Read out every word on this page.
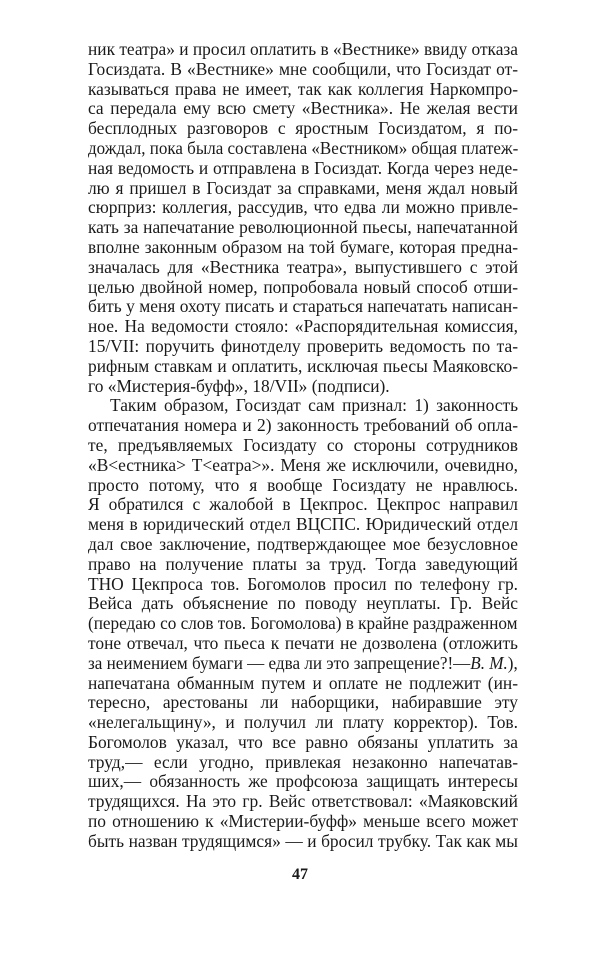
ник театра» и просил оплатить в «Вестнике» ввиду отказа
Госиздата. В «Вестнике» мне сообщили, что Госиздат от-
казываться права не имеет, так как коллегия Наркомпро-
са передала ему всю смету «Вестника». Не желая вести
бесплодных разговоров с яростным Госиздатом, я по-
дождал, пока была составлена «Вестником» общая платеж-
ная ведомость и отправлена в Госиздат. Когда через неде-
лю я пришел в Госиздат за справками, меня ждал новый
сюрприз: коллегия, рассудив, что едва ли можно привле-
кать за напечатание революционной пьесы, напечатанной
вполне законным образом на той бумаге, которая предна-
значалась для «Вестника театра», выпустившего с этой
целью двойной номер, попробовала новый способ отши-
бить у меня охоту писать и стараться напечатать написан-
ное. На ведомости стояло: «Распорядительная комиссия,
15/VII: поручить финотделу проверить ведомость по та-
рифным ставкам и оплатить, исключая пьесы Маяковско-
го «Мистерия-буфф», 18/VII» (подписи).
Таким образом, Госиздат сам признал: 1) законность
отпечатания номера и 2) законность требований об опла-
те, предъявляемых Госиздату со стороны сотрудников
«В<естника> Т<еатра>». Меня же исключили, очевидно,
просто потому, что я вообще Госиздату не нравлюсь.
Я обратился с жалобой в Цекпрос. Цекпрос направил
меня в юридический отдел ВЦСПС. Юридический отдел
дал свое заключение, подтверждающее мое безусловное
право на получение платы за труд. Тогда заведующий
ТНО Цекпроса тов. Богомолов просил по телефону гр.
Вейса дать объяснение по поводу неуплаты. Гр. Вейс
(передаю со слов тов. Богомолова) в крайне раздраженном
тоне отвечал, что пьеса к печати не дозволена (отложить
за неимением бумаги — едва ли это запрещение?!—В. М.),
напечатана обманным путем и оплате не подлежит (ин-
тересно, арестованы ли наборщики, набиравшие эту
«нелегальщину», и получил ли плату корректор). Тов.
Богомолов указал, что все равно обязаны уплатить за
труд,— если угодно, привлекая незаконно напечатав-
ших,— обязанность же профсоюза защищать интересы
трудящихся. На это гр. Вейс ответствовал: «Маяковский
по отношению к «Мистерии-буфф» меньше всего может
быть назван трудящимся» — и бросил трубку. Так как мы
47
